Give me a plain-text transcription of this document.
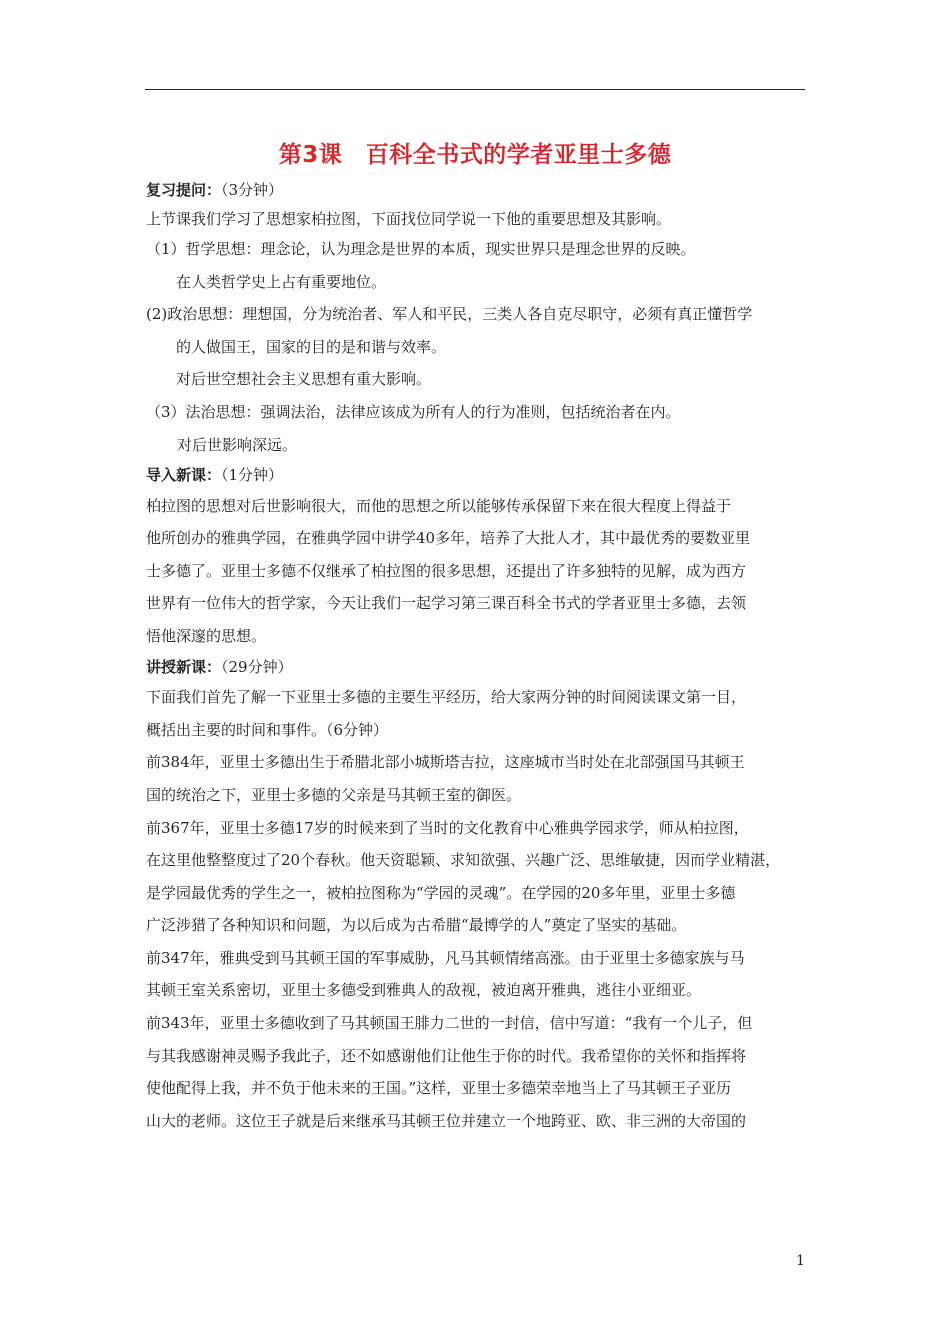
第3课　百科全书式的学者亚里士多德
复习提问：（3分钟）
上节课我们学习了思想家柏拉图，下面找位同学说一下他的重要思想及其影响。
（1）哲学思想：理念论，认为理念是世界的本质，现实世界只是理念世界的反映。
在人类哲学史上占有重要地位。
(2)政治思想：理想国，分为统治者、军人和平民，三类人各自克尽职守，必须有真正懂哲学
的人做国王，国家的目的是和谐与效率。
对后世空想社会主义思想有重大影响。
（3）法治思想：强调法治，法律应该成为所有人的行为准则，包括统治者在内。
对后世影响深远。
导入新课：（1分钟）
柏拉图的思想对后世影响很大，而他的思想之所以能够传承保留下来在很大程度上得益于
他所创办的雅典学园，在雅典学园中讲学40多年，培养了大批人才，其中最优秀的要数亚里
士多德了。亚里士多德不仅继承了柏拉图的很多思想，还提出了许多独特的见解，成为西方
世界有一位伟大的哲学家，今天让我们一起学习第三课百科全书式的学者亚里士多德，去领
悟他深邃的思想。
讲授新课：（29分钟）
下面我们首先了解一下亚里士多德的主要生平经历，给大家两分钟的时间阅读课文第一目，
概括出主要的时间和事件。（6分钟）
前384年，亚里士多德出生于希腊北部小城斯塔吉拉，这座城市当时处在北部强国马其顿王
国的统治之下，亚里士多德的父亲是马其顿王室的御医。
前367年，亚里士多德17岁的时候来到了当时的文化教育中心雅典学园求学，师从柏拉图，
在这里他整整度过了20个春秋。他天资聪颖、求知欲强、兴趣广泛、思维敏捷，因而学业精湛，
是学园最优秀的学生之一，被柏拉图称为“学园的灵魂”。在学园的20多年里，亚里士多德
广泛涉猎了各种知识和问题，为以后成为古希腊“最博学的人”奠定了坚实的基础。
前347年，雅典受到马其顿王国的军事威胁，凡马其顿情绪高涨。由于亚里士多德家族与马
其顿王室关系密切，亚里士多德受到雅典人的敌视，被迫离开雅典，逃往小亚细亚。
前343年，亚里士多德收到了马其顿国王腓力二世的一封信，信中写道：“我有一个儿子，但
与其我感谢神灵赐予我此子，还不如感谢他们让他生于你的时代。我希望你的关怀和指挥将
使他配得上我，并不负于他未来的王国。”这样，亚里士多德荣幸地当上了马其顿王子亚历
山大的老师。这位王子就是后来继承马其顿王位并建立一个地跨亚、欧、非三洲的大帝国的
1
